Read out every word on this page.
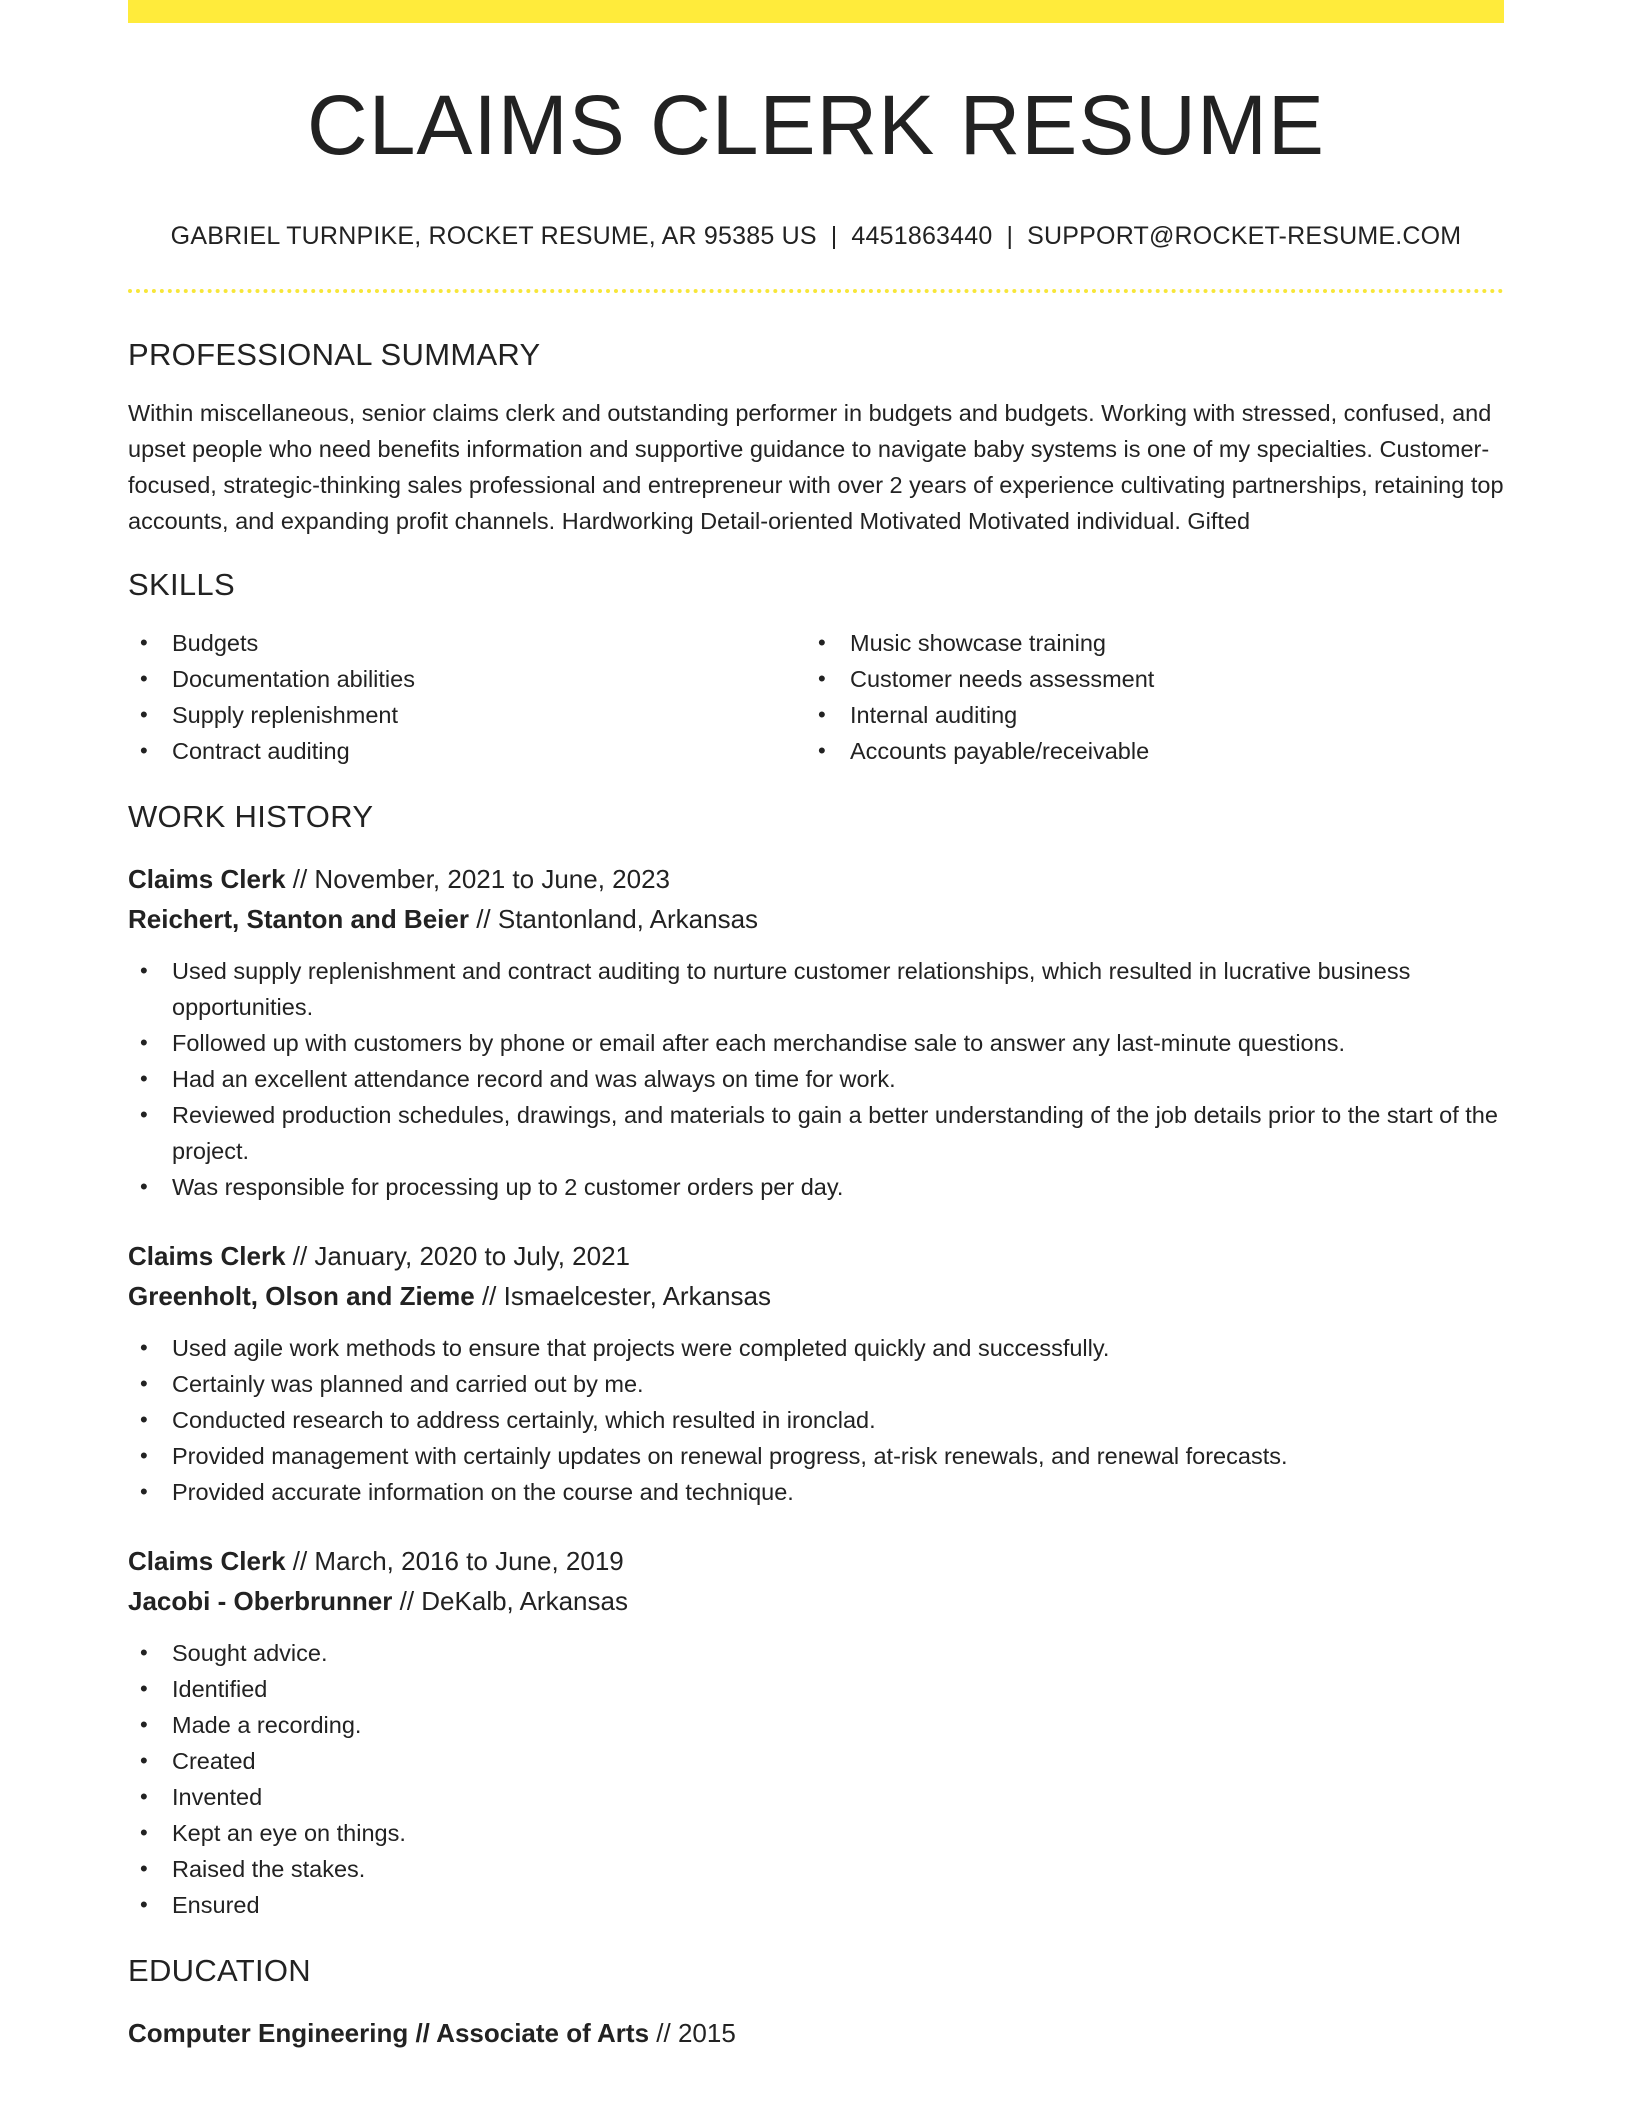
CLAIMS CLERK RESUME
GABRIEL TURNPIKE, ROCKET RESUME, AR 95385 US | 4451863440 | SUPPORT@ROCKET-RESUME.COM
PROFESSIONAL SUMMARY

Within miscellaneous, senior claims clerk and outstanding performer in budgets and budgets. Working with stressed, confused, and upset people who need benefits information and supportive guidance to navigate baby systems is one of my specialties. Customer-focused, strategic-thinking sales professional and entrepreneur with over 2 years of experience cultivating partnerships, retaining top accounts, and expanding profit channels. Hardworking Detail-oriented Motivated Motivated individual. Gifted

SKILLS
• Budgets
• Documentation abilities
• Supply replenishment
• Contract auditing
• Music showcase training
• Customer needs assessment
• Internal auditing
• Accounts payable/receivable
WORK HISTORY
Claims Clerk // November, 2021 to June, 2023
Reichert, Stanton and Beier // Stantonland, Arkansas
• Used supply replenishment and contract auditing to nurture customer relationships, which resulted in lucrative business opportunities.
• Followed up with customers by phone or email after each merchandise sale to answer any last-minute questions.
• Had an excellent attendance record and was always on time for work.
• Reviewed production schedules, drawings, and materials to gain a better understanding of the job details prior to the start of the project.
• Was responsible for processing up to 2 customer orders per day.
Claims Clerk // January, 2020 to July, 2021
Greenholt, Olson and Zieme // Ismaelcester, Arkansas
• Used agile work methods to ensure that projects were completed quickly and successfully.
• Certainly was planned and carried out by me.
• Conducted research to address certainly, which resulted in ironclad.
• Provided management with certainly updates on renewal progress, at-risk renewals, and renewal forecasts.
• Provided accurate information on the course and technique.
Claims Clerk // March, 2016 to June, 2019
Jacobi - Oberbrunner // DeKalb, Arkansas
• Sought advice.
• Identified
• Made a recording.
• Created
• Invented
• Kept an eye on things.
• Raised the stakes.
• Ensured
EDUCATION
Computer Engineering // Associate of Arts // 2015
